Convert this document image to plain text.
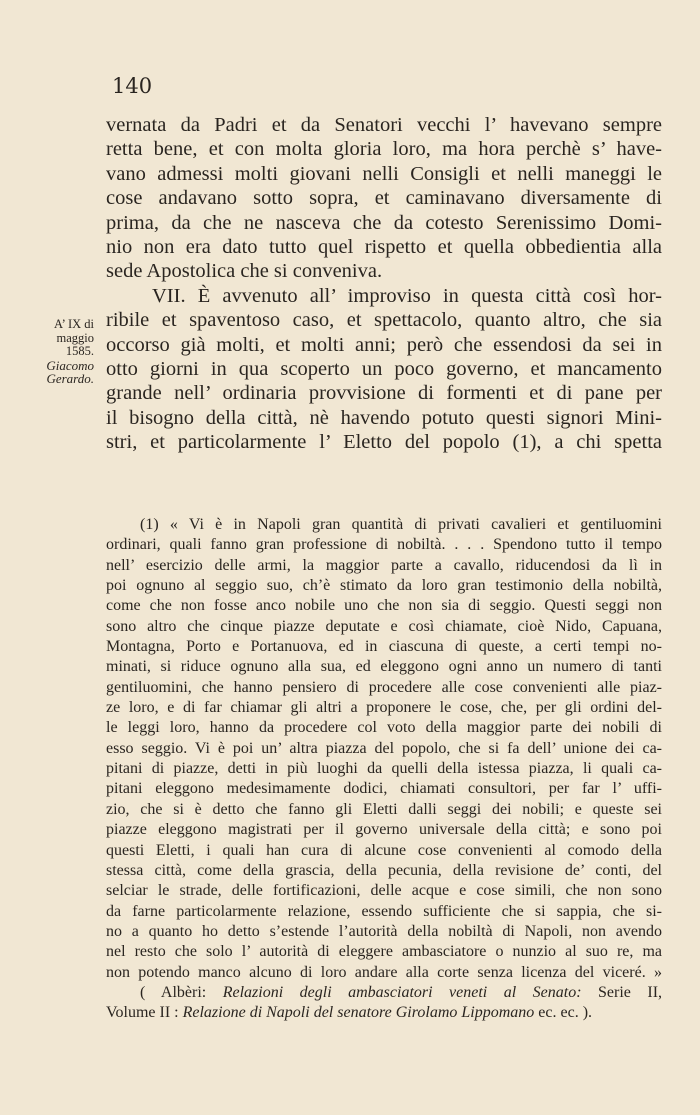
140
vernata da Padri et da Senatori vecchi l’ havevano sempre
retta bene, et con molta gloria loro, ma hora perchè s’ have-
vano admessi molti giovani nelli Consigli et nelli maneggi le
cose andavano sotto sopra, et caminavano diversamente di
prima, da che ne nasceva che da cotesto Serenissimo Domi-
nio non era dato tutto quel rispetto et quella obbedientia alla
sede Apostolica che si conveniva.
VII. È avvenuto all’ improviso in questa città così hor-
ribile et spaventoso caso, et spettacolo, quanto altro, che sia
occorso già molti, et molti anni; però che essendosi da sei in
otto giorni in qua scoperto un poco governo, et mancamento
grande nell’ ordinaria provvisione di formenti et di pane per
il bisogno della città, nè havendo potuto questi signori Mini-
stri, et particolarmente l’ Eletto del popolo (1), a chi spetta
A’ IX di
maggio
1585.
Giacomo
Gerardo.
(1) « Vi è in Napoli gran quantità di privati cavalieri et gentiluomini
ordinari, quali fanno gran professione di nobiltà. . . . Spendono tutto il tempo
nell’ esercizio delle armi, la maggior parte a cavallo, riducendosi da lì in
poi ognuno al seggio suo, ch’è stimato da loro gran testimonio della nobiltà,
come che non fosse anco nobile uno che non sia di seggio. Questi seggi non
sono altro che cinque piazze deputate e così chiamate, cioè Nido, Capuana,
Montagna, Porto e Portanuova, ed in ciascuna di queste, a certi tempi no-
minati, si riduce ognuno alla sua, ed eleggono ogni anno un numero di tanti
gentiluomini, che hanno pensiero di procedere alle cose convenienti alle piaz-
ze loro, e di far chiamar gli altri a proponere le cose, che, per gli ordini del-
le leggi loro, hanno da procedere col voto della maggior parte dei nobili di
esso seggio. Vi è poi un’ altra piazza del popolo, che si fa dell’ unione dei ca-
pitani di piazze, detti in più luoghi da quelli della istessa piazza, li quali ca-
pitani eleggono medesimamente dodici, chiamati consultori, per far l’ uffi-
zio, che si è detto che fanno gli Eletti dalli seggi dei nobili; e queste sei
piazze eleggono magistrati per il governo universale della città; e sono poi
questi Eletti, i quali han cura di alcune cose convenienti al comodo della
stessa città, come della grascia, della pecunia, della revisione de’ conti, del
selciar le strade, delle fortificazioni, delle acque e cose simili, che non sono
da farne particolarmente relazione, essendo sufficiente che si sappia, che si-
no a quanto ho detto s’estende l’autorità della nobiltà di Napoli, non avendo
nel resto che solo l’ autorità di eleggere ambasciatore o nunzio al suo re, ma
non potendo manco alcuno di loro andare alla corte senza licenza del viceré. »
( Albèri: Relazioni degli ambasciatori veneti al Senato: Serie II,
Volume II : Relazione di Napoli del senatore Girolamo Lippomano ec. ec. ).
